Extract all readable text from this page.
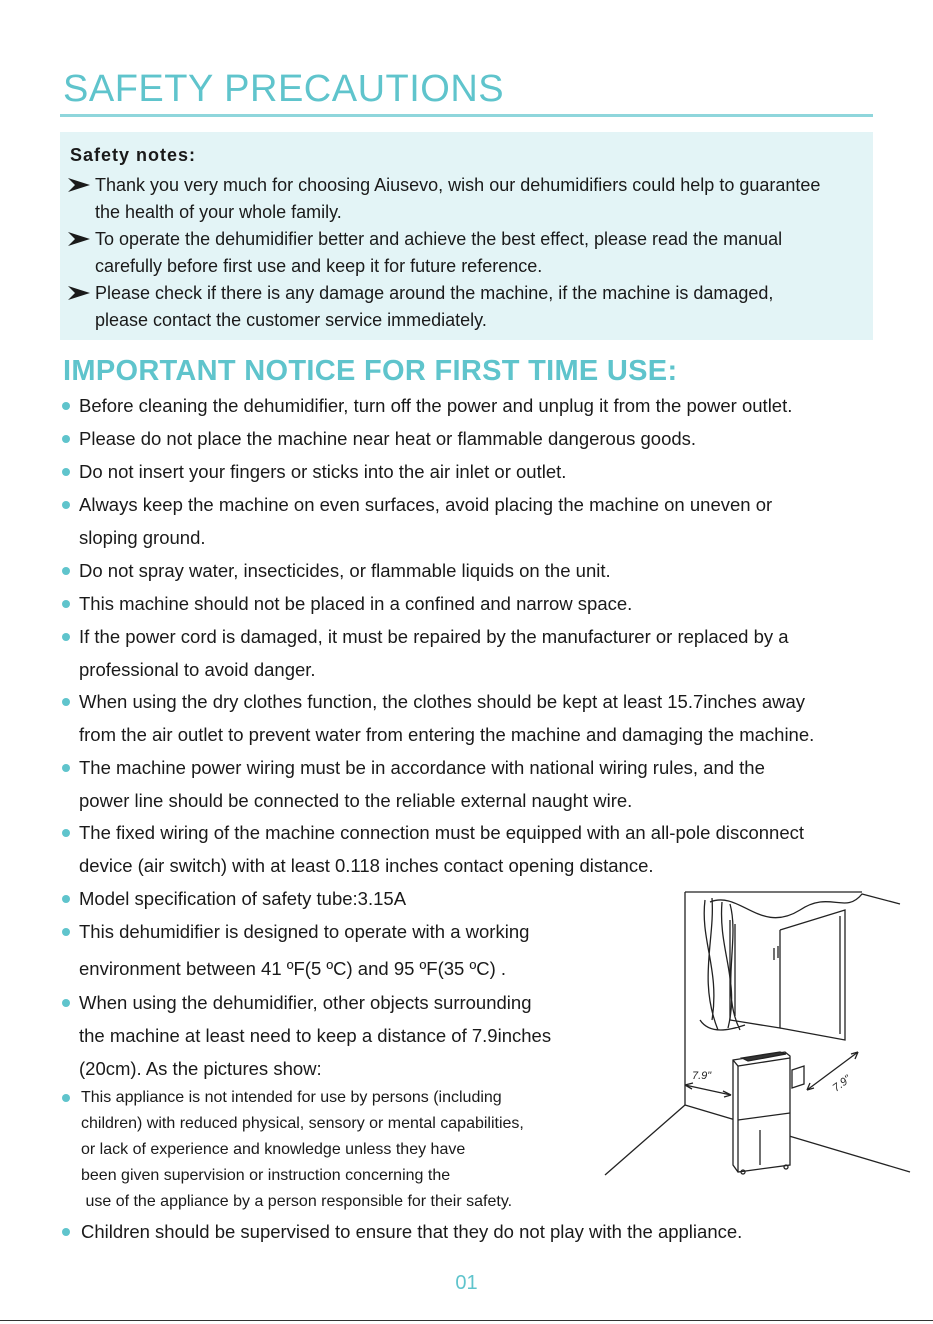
SAFETY PRECAUTIONS
Safety notes:
Thank you very much for choosing Aiusevo, wish our dehumidifiers could help to guarantee
the health of your whole family.
To operate the dehumidifier better and achieve the best effect, please read the manual
carefully before first use and keep it for future reference.
Please check if there is any damage around the machine, if the machine is damaged,
please contact the customer service immediately.
IMPORTANT NOTICE FOR FIRST TIME USE:
Before cleaning the dehumidifier, turn off the power and unplug it from the power outlet.
Please do not place the machine near heat or flammable dangerous goods.
Do not insert your fingers or sticks into the air inlet or outlet.
Always keep the machine on even surfaces, avoid placing the machine on uneven or
sloping ground.
Do not spray water, insecticides, or flammable liquids on the unit.
This machine should not be placed in a confined and narrow space.
If the power cord is damaged, it must be repaired by the manufacturer or replaced by a
professional to avoid danger.
When using the dry clothes function, the clothes should be kept at least 15.7inches away
from the air outlet to prevent water from entering the machine and damaging the machine.
The machine power wiring must be in accordance with national wiring rules, and the
power line should be connected to the reliable external naught wire.
The fixed wiring of the machine connection must be equipped with an all-pole disconnect
device (air switch) with at least 0.118 inches contact opening distance.
Model specification of safety tube:3.15A
This dehumidifier is designed to operate with a working
environment between 41 ºF(5 ºC) and 95 ºF(35 ºC) .
When using the dehumidifier, other objects surrounding
the machine at least need to keep a distance of 7.9inches
(20cm). As the pictures show:
This appliance is not intended for use by persons (including
children) with reduced physical, sensory or mental capabilities,
or lack of experience and knowledge unless they have
been given supervision or instruction concerning the
use of the appliance by a person responsible for their safety.
Children should be supervised to ensure that they do not play with the appliance.
7.9"	7.9"
01
